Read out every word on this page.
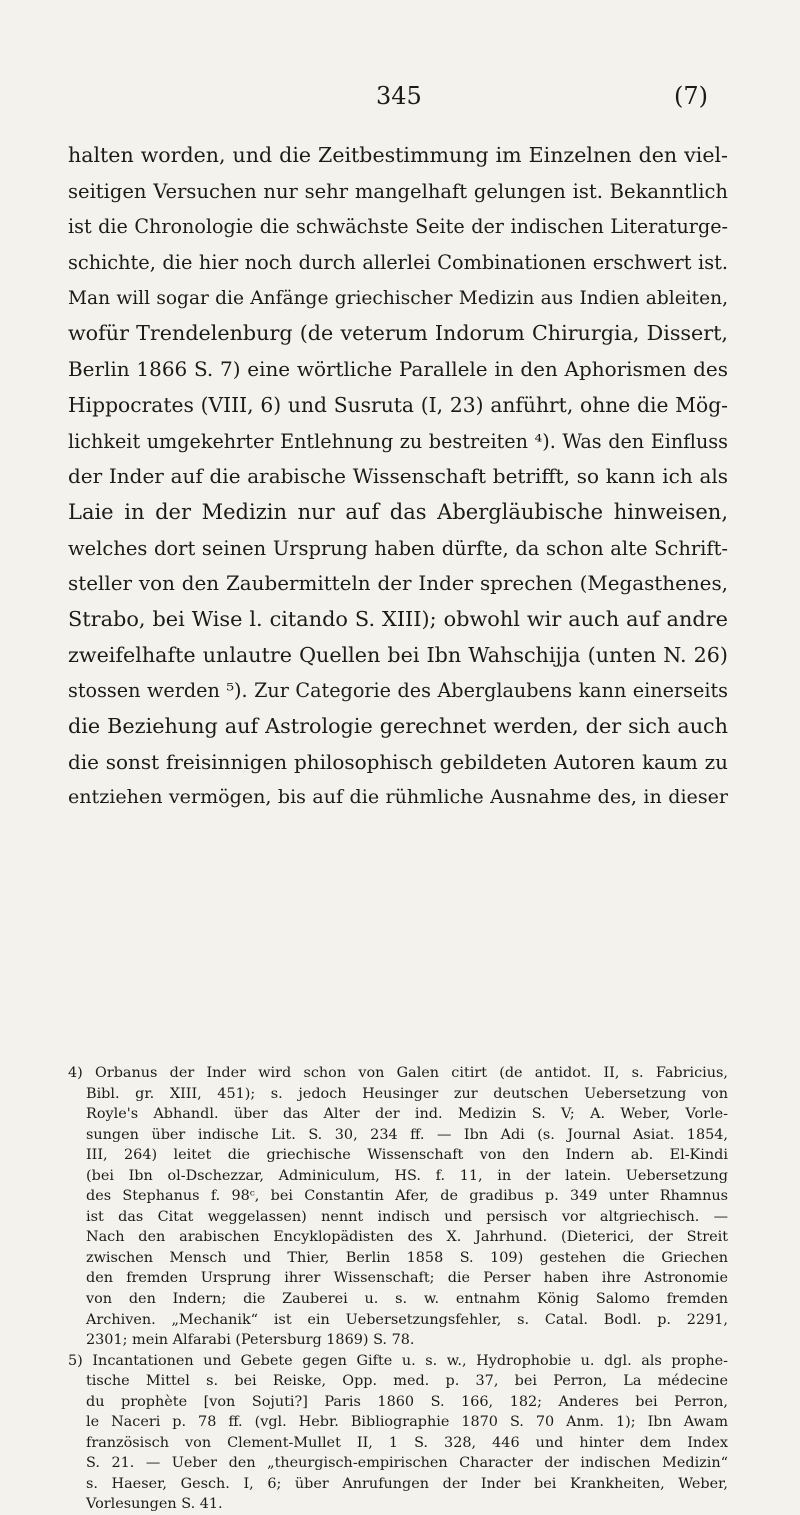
345	(7)
halten worden, und die Zeitbestimmung im Einzelnen den viel-
seitigen Versuchen nur sehr mangelhaft gelungen ist. Bekanntlich
ist die Chronologie die schwächste Seite der indischen Literaturge-
schichte, die hier noch durch allerlei Combinationen erschwert ist.
Man will sogar die Anfänge griechischer Medizin aus Indien ableiten,
wofür Trendelenburg (de veterum Indorum Chirurgia, Dissert,
Berlin 1866 S. 7) eine wörtliche Parallele in den Aphorismen des
Hippocrates (VIII, 6) und Susruta (I, 23) anführt, ohne die Mög-
lichkeit umgekehrter Entlehnung zu bestreiten ⁴). Was den Einfluss
der Inder auf die arabische Wissenschaft betrifft, so kann ich als
Laie in der Medizin nur auf das Abergläubische hinweisen,
welches dort seinen Ursprung haben dürfte, da schon alte Schrift-
steller von den Zaubermitteln der Inder sprechen (Megasthenes,
Strabo, bei Wise l. citando S. XIII); obwohl wir auch auf andre
zweifelhafte unlautre Quellen bei Ibn Wahschijja (unten N. 26)
stossen werden ⁵). Zur Categorie des Aberglaubens kann einerseits
die Beziehung auf Astrologie gerechnet werden, der sich auch
die sonst freisinnigen philosophisch gebildeten Autoren kaum zu
entziehen vermögen, bis auf die rühmliche Ausnahme des, in dieser
4) Orbanus der Inder wird schon von Galen citirt (de antidot. II, s. Fabricius,
Bibl. gr. XIII, 451); s. jedoch Heusinger zur deutschen Uebersetzung von
Royle's Abhandl. über das Alter der ind. Medizin S. V; A. Weber, Vorle-
sungen über indische Lit. S. 30, 234 ff. — Ibn Adi (s. Journal Asiat. 1854,
III, 264) leitet die griechische Wissenschaft von den Indern ab. El-Kindi
(bei Ibn ol-Dschezzar, Adminiculum, HS. f. 11, in der latein. Uebersetzung
des Stephanus f. 98ᶜ, bei Constantin Afer, de gradibus p. 349 unter Rhamnus
ist das Citat weggelassen) nennt indisch und persisch vor altgriechisch. —
Nach den arabischen Encyklopädisten des X. Jahrhund. (Dieterici, der Streit
zwischen Mensch und Thier, Berlin 1858 S. 109) gestehen die Griechen
den fremden Ursprung ihrer Wissenschaft; die Perser haben ihre Astronomie
von den Indern; die Zauberei u. s. w. entnahm König Salomo fremden
Archiven. „Mechanik“ ist ein Uebersetzungsfehler, s. Catal. Bodl. p. 2291,
2301; mein Alfarabi (Petersburg 1869) S. 78.
5) Incantationen und Gebete gegen Gifte u. s. w., Hydrophobie u. dgl. als prophe-
tische Mittel s. bei Reiske, Opp. med. p. 37, bei Perron, La médecine
du prophète [von Sojuti?] Paris 1860 S. 166, 182; Anderes bei Perron,
le Naceri p. 78 ff. (vgl. Hebr. Bibliographie 1870 S. 70 Anm. 1); Ibn Awam
französisch von Clement-Mullet II, 1 S. 328, 446 und hinter dem Index
S. 21. — Ueber den „theurgisch-empirischen Character der indischen Medizin“
s. Haeser, Gesch. I, 6; über Anrufungen der Inder bei Krankheiten, Weber,
Vorlesungen S. 41.
